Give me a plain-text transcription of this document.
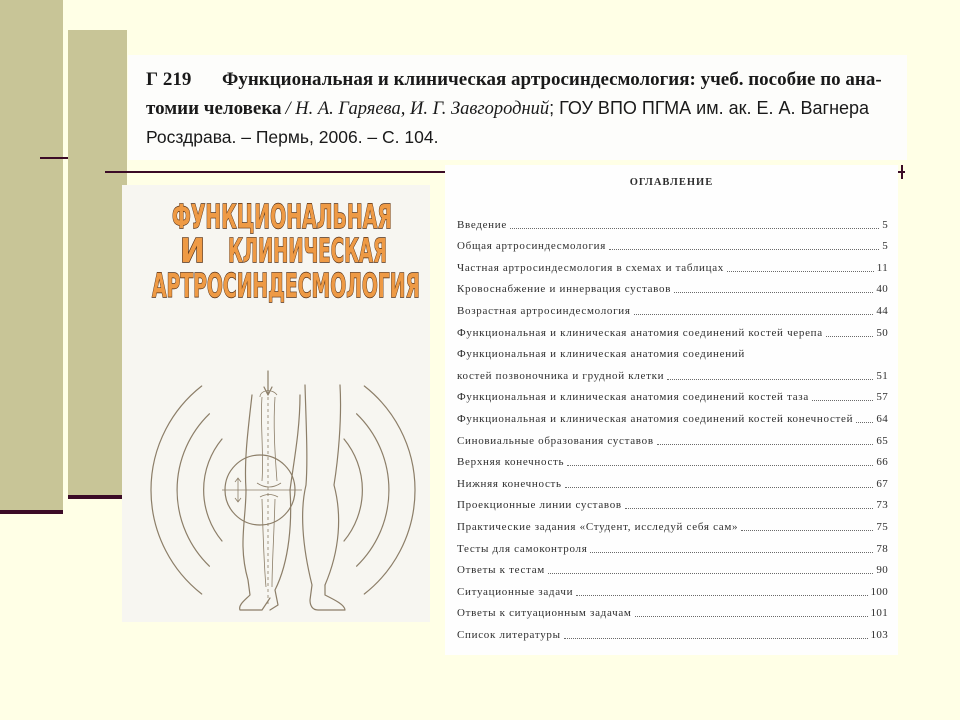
Г 219 Функциональная и клиническая артросиндесмология: учеб. пособие по ана-
томии человека / Н. А. Гаряева, И. Г. Завгородний; ГОУ ВПО ПГМА им. ак. Е. А. Вагнера
Росздрава. – Пермь, 2006. – С. 104.
ФУНКЦИОНАЛЬНАЯ
И КЛИНИЧЕСКАЯ
АРТРОСИНДЕСМОЛОГИЯ
ОГЛАВЛЕНИЕ
Введение	5
Общая артросиндесмология	5
Частная артросиндесмология в схемах и таблицах	11
Кровоснабжение и иннервация суставов	40
Возрастная артросиндесмология	44
Функциональная и клиническая анатомия соединений костей черепа	50
Функциональная и клиническая анатомия соединений
костей позвоночника и грудной клетки	51
Функциональная и клиническая анатомия соединений костей таза	57
Функциональная и клиническая анатомия соединений костей конечностей 64
Синовиальные образования суставов	65
Верхняя конечность	66
Нижняя конечность	67
Проекционные линии суставов	73
Практические задания «Студент, исследуй себя сам»	75
Тесты для самоконтроля	78
Ответы к тестам	90
Ситуационные задачи	100
Ответы к ситуационным задачам	101
Список литературы	103
